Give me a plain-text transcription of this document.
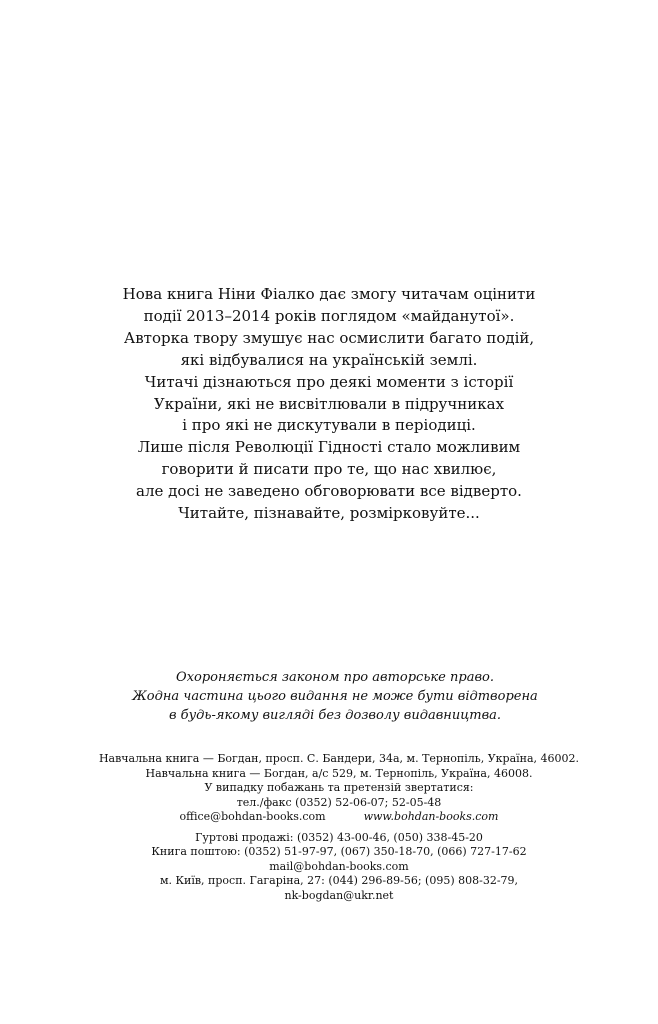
Нова книга Ніни Фіалко дає змогу читачам оцінити
події 2013–2014 років поглядом «майданутої».
Авторка твору змушує нас осмислити багато подій,
які відбувалися на українській землі.
Читачі дізнаються про деякі моменти з історії
України, які не висвітлювали в підручниках
і про які не дискутували в періодиці.
Лише після Революції Гідності стало можливим
говорити й писати про те, що нас хвилює,
але досі не заведено обговорювати все відверто.
Читайте, пізнавайте, розмірковуйте...
Охороняється законом про авторське право.
Жодна частина цього видання не може бути відтворена
в будь-якому вигляді без дозволу видавництва.
Навчальна книга — Богдан, просп. С. Бандери, 34а, м. Тернопіль, Україна, 46002.
Навчальна книга — Богдан, а/с 529, м. Тернопіль, Україна, 46008.
У випадку побажань та претензій звертатися:
тел./факс (0352) 52-06-07; 52-05-48
office@bohdan-books.com	www.bohdan-books.com
Гуртові продажі: (0352) 43-00-46, (050) 338-45-20
Книга поштою: (0352) 51-97-97, (067) 350-18-70, (066) 727-17-62
mail@bohdan-books.com
м. Київ, просп. Гагаріна, 27: (044) 296-89-56; (095) 808-32-79,
nk-bogdan@ukr.net
